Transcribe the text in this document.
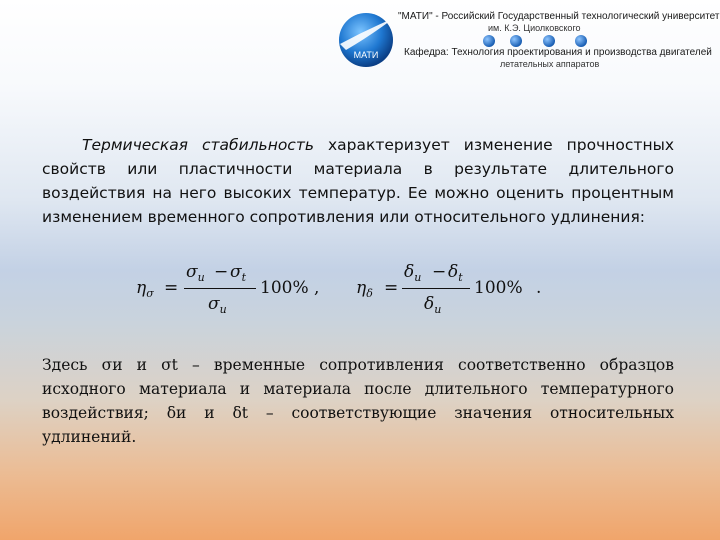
МАТИ
"МАТИ" - Российский Государственный технологический университет
им. К.Э. Циолковского
Кафедра: Технология проектирования и производства двигателей
летательных аппаратов
Термическая стабильность характеризует изменение прочностных свойств или пластичности материала в результате длительного воздействия на него высоких температур. Ее можно оценить процентным изменением временного сопротивления или относительного удлинения:
$\eta_\sigma$ =
$\sigma_и - \sigma_t$
$\sigma_и$
100% , $\eta_\delta$ =
$\delta_и - \delta_t$
$\delta_и$
100% .
Здесь σи и σt – временные сопротивления соответственно образцов исходного материала и материала после длительного температурного воздействия; δи и δt – соответствующие значения относительных удлинений.
